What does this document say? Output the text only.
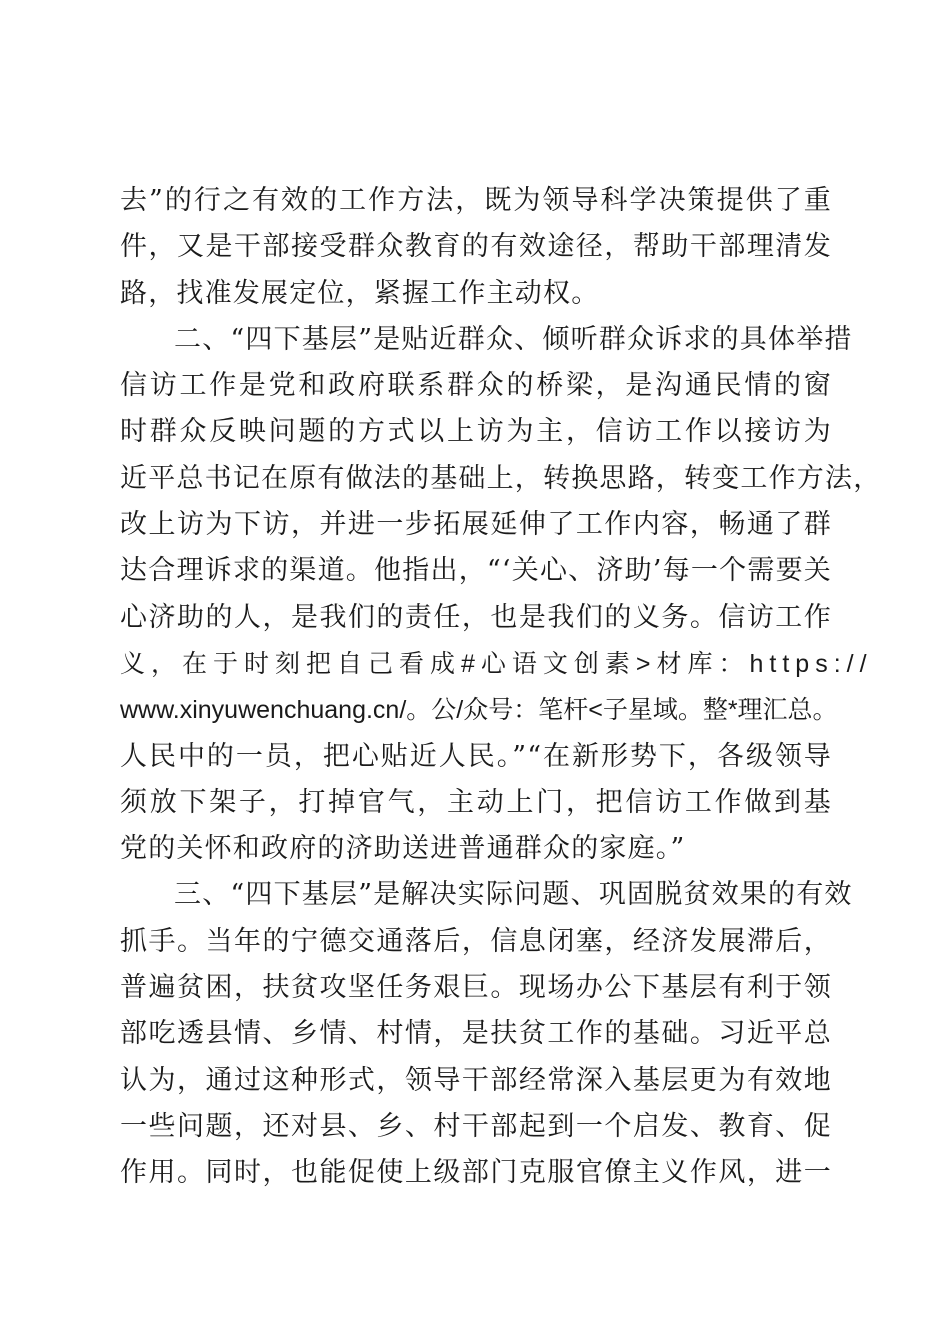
去”的行之有效的工作方法，既为领导科学决策提供了重
件，又是干部接受群众教育的有效途径，帮助干部理清发
路，找准发展定位，紧握工作主动权。
二、“四下基层”是贴近群众、倾听群众诉求的具体举措
信访工作是党和政府联系群众的桥梁，是沟通民情的窗
时群众反映问题的方式以上访为主，信访工作以接访为
近平总书记在原有做法的基础上，转换思路，转变工作方法，
改上访为下访，并进一步拓展延伸了工作内容，畅通了群
达合理诉求的渠道。他指出，“‘关心、济助’每一个需要关
心济助的人，是我们的责任，也是我们的义务。信访工作
义，在于时刻把自己看成#心语文创素>材库：https://
www.xinyuwenchuang.cn/。公/众号：笔杆<子星域。整*理汇总。
人民中的一员，把心贴近人民。”“在新形势下，各级领导
须放下架子，打掉官气，主动上门，把信访工作做到基
党的关怀和政府的济助送进普通群众的家庭。”
三、“四下基层”是解决实际问题、巩固脱贫效果的有效
抓手。当年的宁德交通落后，信息闭塞，经济发展滞后，
普遍贫困，扶贫攻坚任务艰巨。现场办公下基层有利于领
部吃透县情、乡情、村情，是扶贫工作的基础。习近平总
认为，通过这种形式，领导干部经常深入基层更为有效地
一些问题，还对县、乡、村干部起到一个启发、教育、促
作用。同时，也能促使上级部门克服官僚主义作风，进一
